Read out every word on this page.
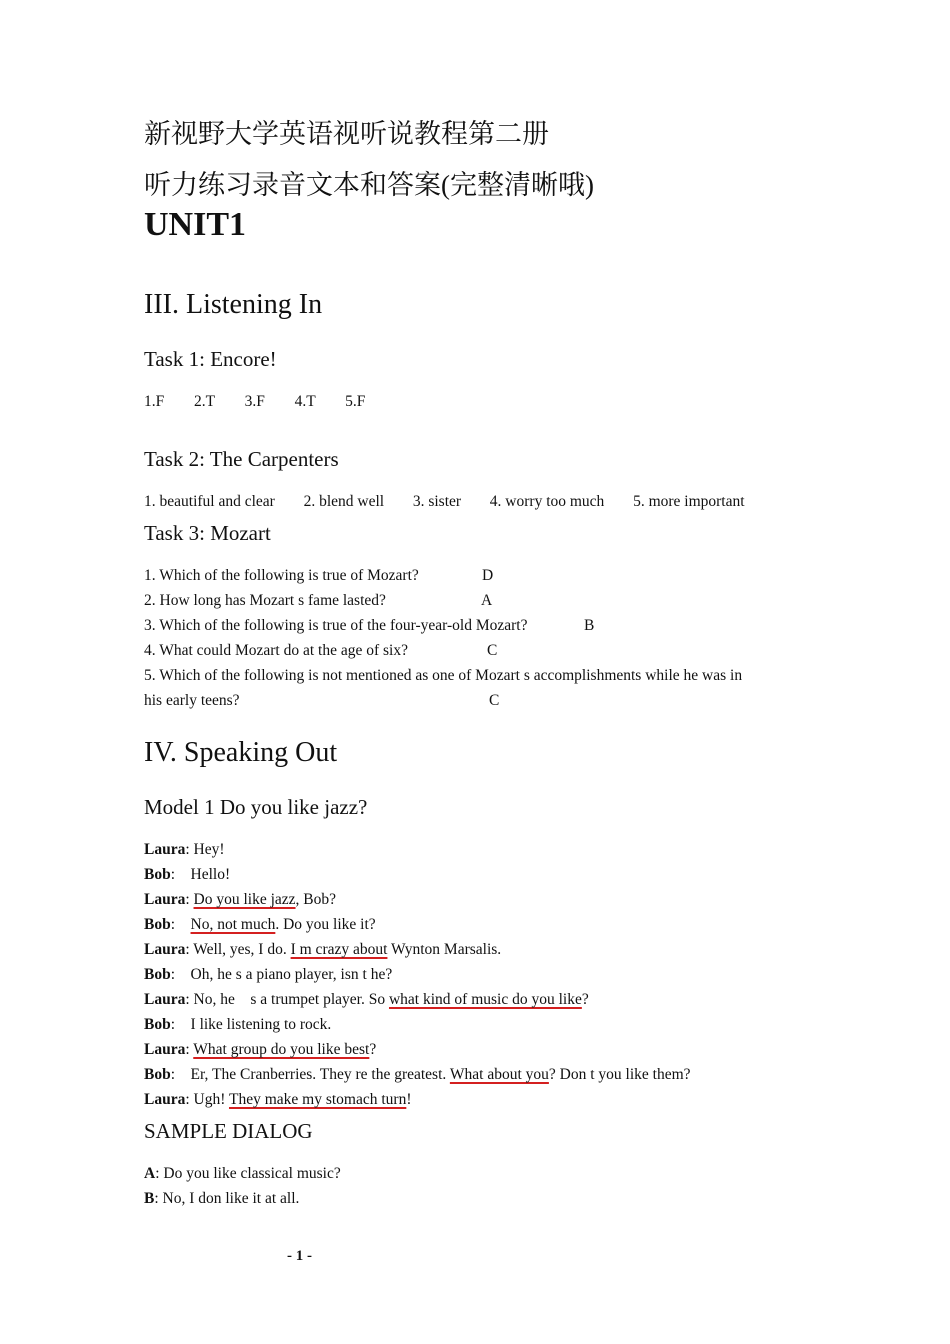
新视野大学英语视听说教程第二册
听力练习录音文本和答案(完整清晰哦)
UNIT1
III. Listening In
Task 1: Encore!
1.F 2.T 3.F 4.T 5.F
Task 2: The Carpenters
1. beautiful and clear 2. blend well 3. sister 4. worry too much 5. more important
Task 3: Mozart
1. Which of the following is true of Mozart?	D
2. How long has Mozart s fame lasted?	A
3. Which of the following is true of the four-year-old Mozart?	B
4. What could Mozart do at the age of six?	C
5. Which of the following is not mentioned as one of Mozart s accomplishments while he was in
his early teens?	C
IV. Speaking Out
Model 1 Do you like jazz?
Laura: Hey!
Bob:    Hello!
Laura: Do you like jazz, Bob?
Bob:    No, not much. Do you like it?
Laura: Well, yes, I do. I m crazy about Wynton Marsalis.
Bob:    Oh, he s a piano player, isn t he?
Laura: No, he    s a trumpet player. So what kind of music do you like?
Bob:    I like listening to rock.
Laura: What group do you like best?
Bob:    Er, The Cranberries. They re the greatest. What about you? Don t you like them?
Laura: Ugh! They make my stomach turn!
SAMPLE DIALOG
A: Do you like classical music?
B: No, I don like it at all.
- 1 -
